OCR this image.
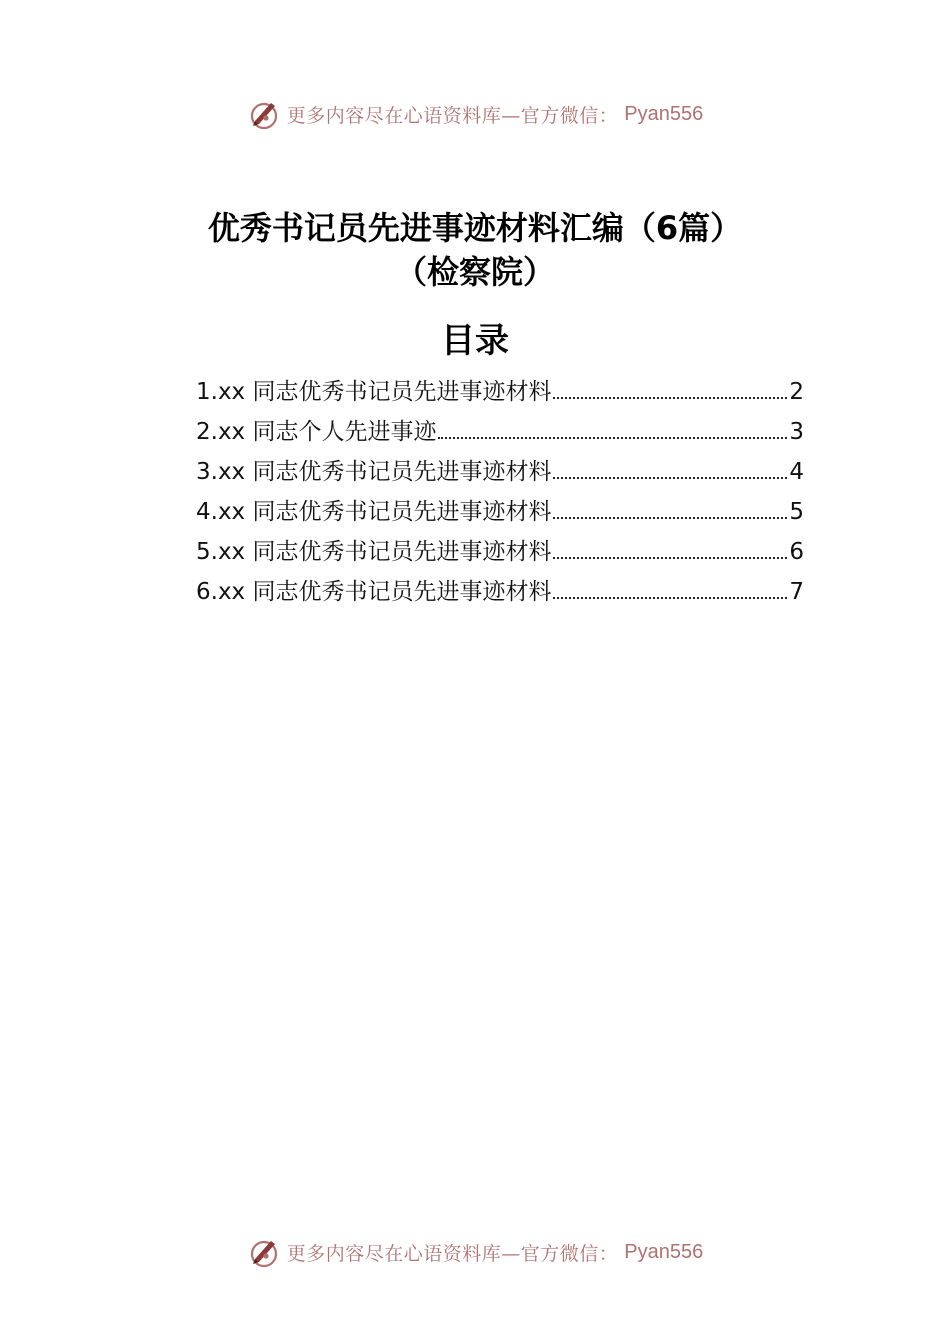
更多内容尽在心语资料库—官方微信： Pyan556
优秀书记员先进事迹材料汇编（6篇）
（检察院）
目录
1.xx 同志优秀书记员先进事迹材料	2
2.xx 同志个人先进事迹	3
3.xx 同志优秀书记员先进事迹材料	4
4.xx 同志优秀书记员先进事迹材料	5
5.xx 同志优秀书记员先进事迹材料	6
6.xx 同志优秀书记员先进事迹材料	7
更多内容尽在心语资料库—官方微信： Pyan556
